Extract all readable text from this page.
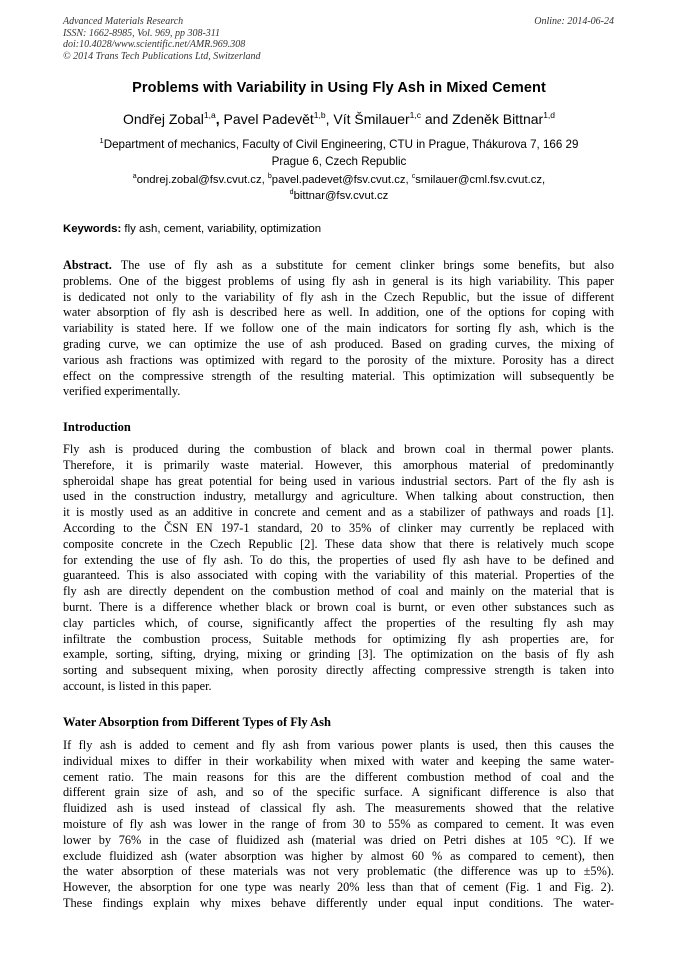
Advanced Materials Research
ISSN: 1662-8985, Vol. 969, pp 308-311
doi:10.4028/www.scientific.net/AMR.969.308
© 2014 Trans Tech Publications Ltd, Switzerland
Online: 2014-06-24
Problems with Variability in Using Fly Ash in Mixed Cement
Ondřej Zobal$^{1,a}$, Pavel Padevět$^{1,b}$, Vít Šmilauer$^{1,c}$ and Zdeněk Bittnar$^{1,d}$
$^1$Department of mechanics, Faculty of Civil Engineering, CTU in Prague, Thákurova 7, 166 29
Prague 6, Czech Republic
$^a$ondrej.zobal@fsv.cvut.cz, $^b$pavel.padevet@fsv.cvut.cz, $^c$smilauer@cml.fsv.cvut.cz,
$^d$bittnar@fsv.cvut.cz
Keywords: fly ash, cement, variability, optimization
Abstract. The use of fly ash as a substitute for cement clinker brings some benefits, but also
problems. One of the biggest problems of using fly ash in general is its high variability. This paper
is dedicated not only to the variability of fly ash in the Czech Republic, but the issue of different
water absorption of fly ash is described here as well. In addition, one of the options for coping with
variability is stated here. If we follow one of the main indicators for sorting fly ash, which is the
grading curve, we can optimize the use of ash produced. Based on grading curves, the mixing of
various ash fractions was optimized with regard to the porosity of the mixture. Porosity has a direct
effect on the compressive strength of the resulting material. This optimization will subsequently be
verified experimentally.
Introduction
Fly ash is produced during the combustion of black and brown coal in thermal power plants.
Therefore, it is primarily waste material. However, this amorphous material of predominantly
spheroidal shape has great potential for being used in various industrial sectors. Part of the fly ash is
used in the construction industry, metallurgy and agriculture. When talking about construction, then
it is mostly used as an additive in concrete and cement and as a stabilizer of pathways and roads [1].
According to the ČSN EN 197-1 standard, 20 to 35% of clinker may currently be replaced with
composite concrete in the Czech Republic [2]. These data show that there is relatively much scope
for extending the use of fly ash. To do this, the properties of used fly ash have to be defined and
guaranteed. This is also associated with coping with the variability of this material. Properties of the
fly ash are directly dependent on the combustion method of coal and mainly on the material that is
burnt. There is a difference whether black or brown coal is burnt, or even other substances such as
clay particles which, of course, significantly affect the properties of the resulting fly ash may
infiltrate the combustion process, Suitable methods for optimizing fly ash properties are, for
example, sorting, sifting, drying, mixing or grinding [3]. The optimization on the basis of fly ash
sorting and subsequent mixing, when porosity directly affecting compressive strength is taken into
account, is listed in this paper.
Water Absorption from Different Types of Fly Ash
If fly ash is added to cement and fly ash from various power plants is used, then this causes the
individual mixes to differ in their workability when mixed with water and keeping the same water-
cement ratio. The main reasons for this are the different combustion method of coal and the
different grain size of ash, and so of the specific surface. A significant difference is also that
fluidized ash is used instead of classical fly ash. The measurements showed that the relative
moisture of fly ash was lower in the range of from 30 to 55% as compared to cement. It was even
lower by 76% in the case of fluidized ash (material was dried on Petri dishes at 105 °C). If we
exclude fluidized ash (water absorption was higher by almost 60 % as compared to cement), then
the water absorption of these materials was not very problematic (the difference was up to ±5%).
However, the absorption for one type was nearly 20% less than that of cement (Fig. 1 and Fig. 2).
These findings explain why mixes behave differently under equal input conditions. The water-
